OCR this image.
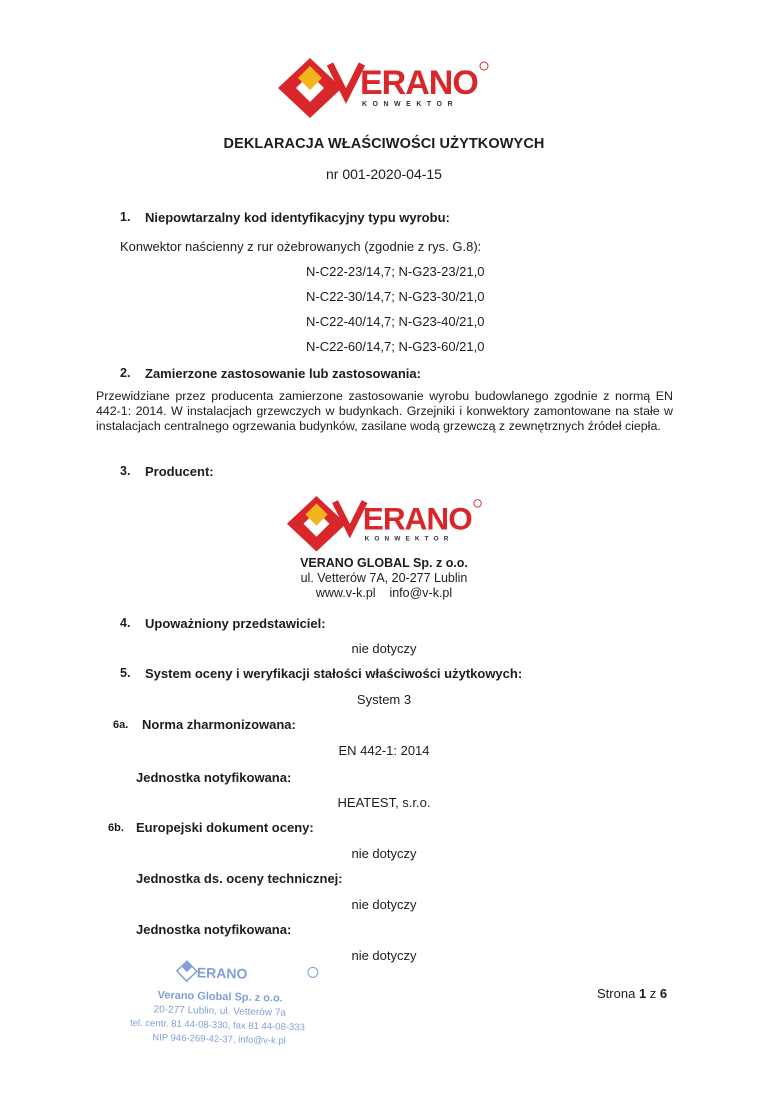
ERANO
KONWEKTOR
DEKLARACJA WŁAŚCIWOŚCI UŻYTKOWYCH
nr 001-2020-04-15
1. Niepowtarzalny kod identyfikacyjny typu wyrobu:
Konwektor naścienny z rur ożebrowanych (zgodnie z rys. G.8):
N-C22-23/14,7; N-G23-23/21,0
N-C22-30/14,7; N-G23-30/21,0
N-C22-40/14,7; N-G23-40/21,0
N-C22-60/14,7; N-G23-60/21,0
2. Zamierzone zastosowanie lub zastosowania:
Przewidziane przez producenta zamierzone zastosowanie wyrobu budowlanego zgodnie z normą EN 442-1: 2014. W instalacjach grzewczych w budynkach. Grzejniki i konwektory zamontowane na stałe w instalacjach centralnego ogrzewania budynków, zasilane wodą grzewczą z zewnętrznych źródeł ciepła.
3. Producent:
ERANO
KONWEKTOR
VERANO GLOBAL Sp. z o.o.
ul. Vetterów 7A, 20-277 Lublin
www.v-k.pl    info@v-k.pl
4. Upoważniony przedstawiciel:
nie dotyczy
5. System oceny i weryfikacji stałości właściwości użytkowych:
System 3
6a. Norma zharmonizowana:
EN 442-1: 2014
Jednostka notyfikowana:
HEATEST, s.r.o.
6b. Europejski dokument oceny:
nie dotyczy
Jednostka ds. oceny technicznej:
nie dotyczy
Jednostka notyfikowana:
nie dotyczy
ERANO
Verano Global Sp. z o.o.
20-277 Lublin, ul. Vetterów 7a
tel. centr. 81 44-08-330, fax 81 44-08-333
NIP 946-269-42-37, info@v-k.pl
Strona 1 z 6
